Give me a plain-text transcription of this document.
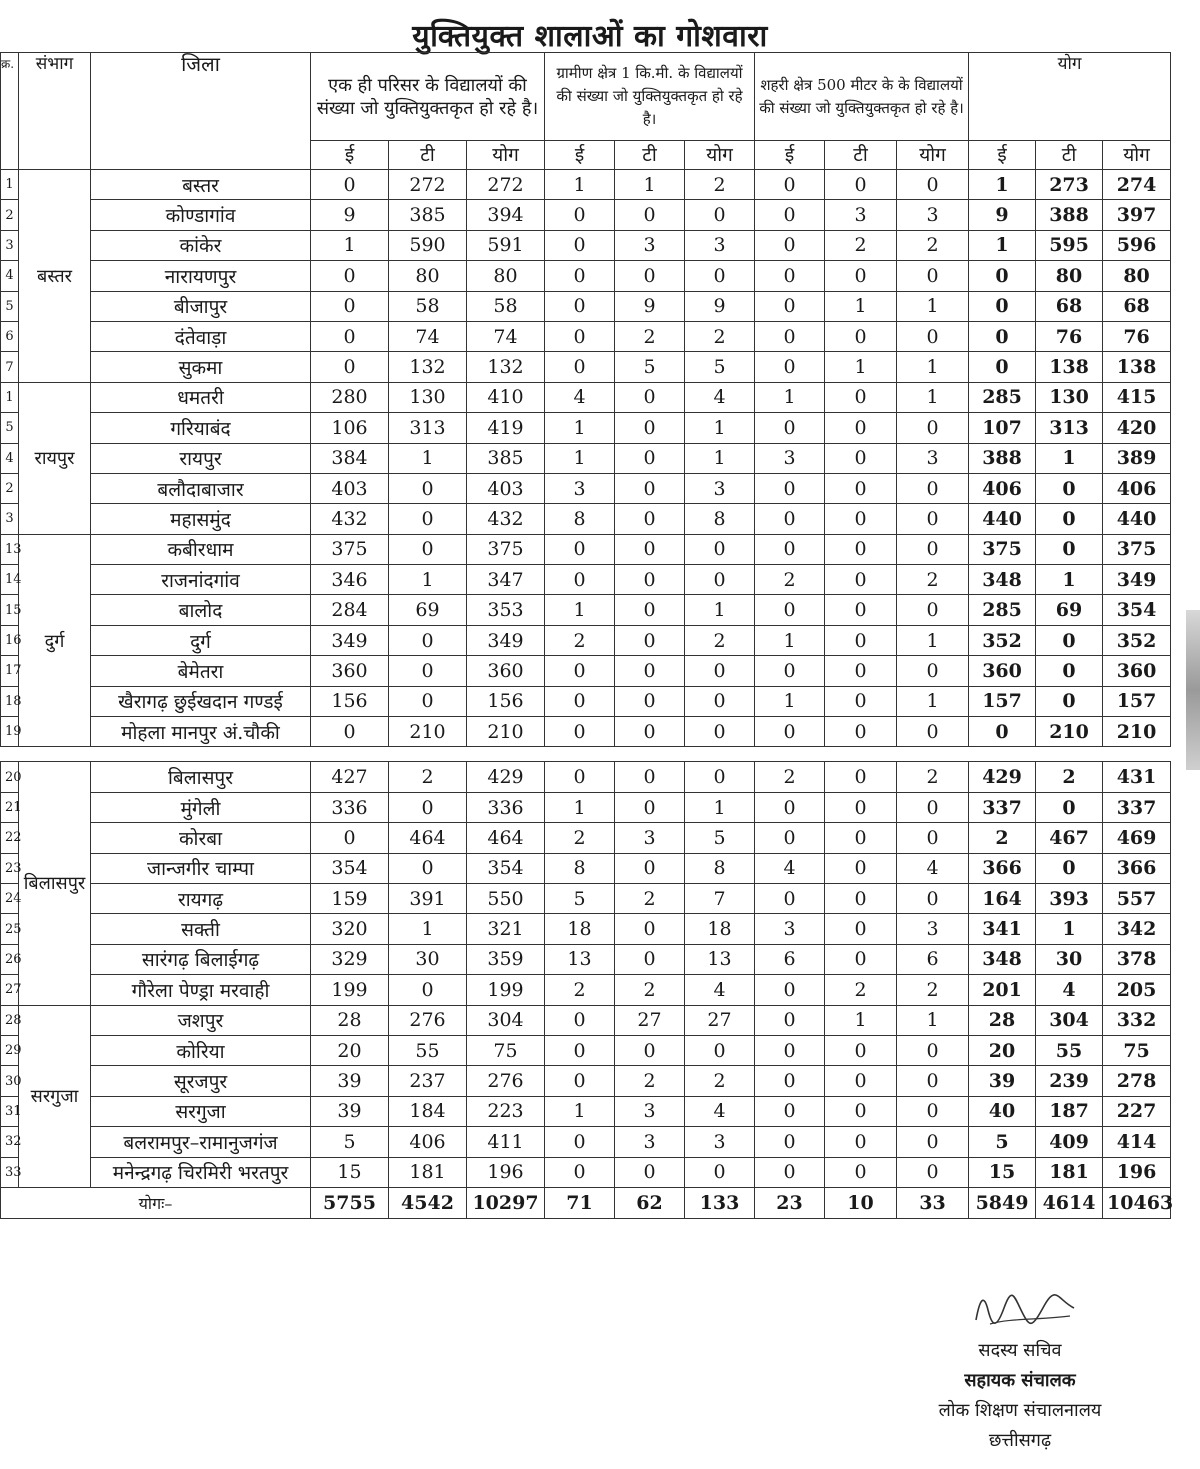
युक्तियुक्त शालाओं का गोशवारा
क्र.	संभाग	जिला	एक ही परिसर के विद्यालयों की संख्या जो युक्तियुक्तकृत हो रहे है।			ग्रामीण क्षेत्र 1 कि.मी. के विद्यालयों की संख्या जो युक्तियुक्तकृत हो रहे है।			शहरी क्षेत्र 500 मीटर के के विद्यालयों की संख्या जो युक्तियुक्तकृत हो रहे है।			योग		
			ई	टी	योग	ई	टी	योग	ई	टी	योग	ई	टी	योग
1	बस्तर	बस्तर	0	272	272	1	1	2	0	0	0	1	273	274
2		कोण्डागांव	9	385	394	0	0	0	0	3	3	9	388	397
3		कांकेर	1	590	591	0	3	3	0	2	2	1	595	596
4		नारायणपुर	0	80	80	0	0	0	0	0	0	0	80	80
5		बीजापुर	0	58	58	0	9	9	0	1	1	0	68	68
6		दंतेवाड़ा	0	74	74	0	2	2	0	0	0	0	76	76
7		सुकमा	0	132	132	0	5	5	0	1	1	0	138	138
1	रायपुर	धमतरी	280	130	410	4	0	4	1	0	1	285	130	415
5		गरियाबंद	106	313	419	1	0	1	0	0	0	107	313	420
4		रायपुर	384	1	385	1	0	1	3	0	3	388	1	389
2		बलौदाबाजार	403	0	403	3	0	3	0	0	0	406	0	406
3		महासमुंद	432	0	432	8	0	8	0	0	0	440	0	440
13	दुर्ग	कबीरधाम	375	0	375	0	0	0	0	0	0	375	0	375
14		राजनांदगांव	346	1	347	0	0	0	2	0	2	348	1	349
15		बालोद	284	69	353	1	0	1	0	0	0	285	69	354
16		दुर्ग	349	0	349	2	0	2	1	0	1	352	0	352
17		बेमेतरा	360	0	360	0	0	0	0	0	0	360	0	360
18		खैरागढ़ छुईखदान गण्डई	156	0	156	0	0	0	1	0	1	157	0	157
19		मोहला मानपुर अं.चौकी	0	210	210	0	0	0	0	0	0	0	210	210

20	बिलासपुर	बिलासपुर	427	2	429	0	0	0	2	0	2	429	2	431
21		मुंगेली	336	0	336	1	0	1	0	0	0	337	0	337
22		कोरबा	0	464	464	2	3	5	0	0	0	2	467	469
23		जान्जगीर चाम्पा	354	0	354	8	0	8	4	0	4	366	0	366
24		रायगढ़	159	391	550	5	2	7	0	0	0	164	393	557
25		सक्ती	320	1	321	18	0	18	3	0	3	341	1	342
26		सारंगढ़ बिलाईगढ़	329	30	359	13	0	13	6	0	6	348	30	378
27		गौरेला पेण्ड्रा मरवाही	199	0	199	2	2	4	0	2	2	201	4	205
28	सरगुजा	जशपुर	28	276	304	0	27	27	0	1	1	28	304	332
29		कोरिया	20	55	75	0	0	0	0	0	0	20	55	75
30		सूरजपुर	39	237	276	0	2	2	0	0	0	39	239	278
31		सरगुजा	39	184	223	1	3	4	0	0	0	40	187	227
32		बलरामपुर–रामानुजगंज	5	406	411	0	3	3	0	0	0	5	409	414
33		मनेन्द्रगढ़ चिरमिरी भरतपुर	15	181	196	0	0	0	0	0	0	15	181	196
योगः–			5755	4542	10297	71	62	133	23	10	33	5849	4614	10463
सदस्य सचिव
सहायक संचालक
लोक शिक्षण संचालनालय
छत्तीसगढ़
